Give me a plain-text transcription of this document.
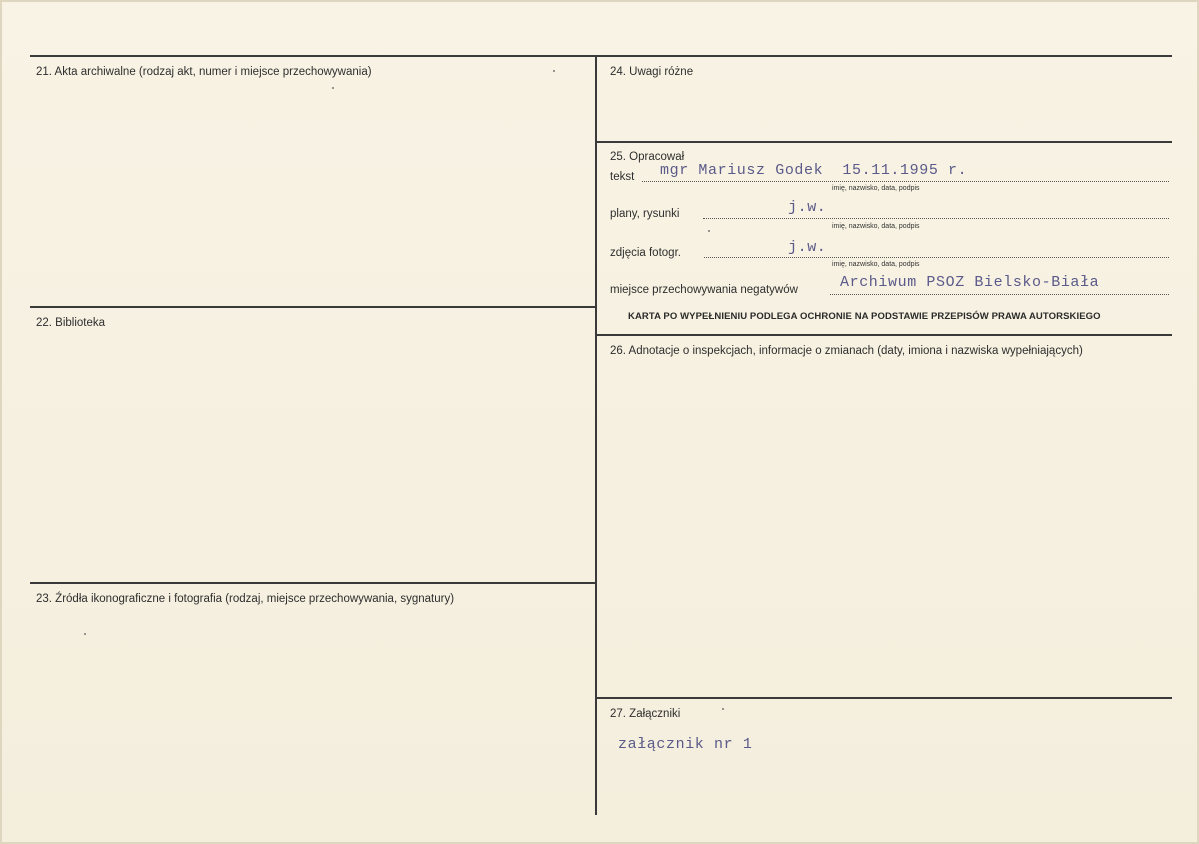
21. Akta archiwalne (rodzaj akt, numer i miejsce przechowywania)
22. Biblioteka
23. Źródła ikonograficzne i fotografia (rodzaj, miejsce przechowywania, sygnatury)
24. Uwagi różne
25. Opracował
tekst mgr Mariusz Godek  15.11.1995 r.
imię, nazwisko, data, podpis
plany, rysunki	j.w.
imię, nazwisko, data, podpis
zdjęcia fotogr.	j.w.
imię, nazwisko, data, podpis
miejsce przechowywania negatywów	Archiwum PSOZ Bielsko-Biała
KARTA PO WYPEŁNIENIU PODLEGA OCHRONIE NA PODSTAWIE PRZEPISÓW PRAWA AUTORSKIEGO
26. Adnotacje o inspekcjach, informacje o zmianach (daty, imiona i nazwiska wypełniających)
27. Załączniki
załącznik nr 1
